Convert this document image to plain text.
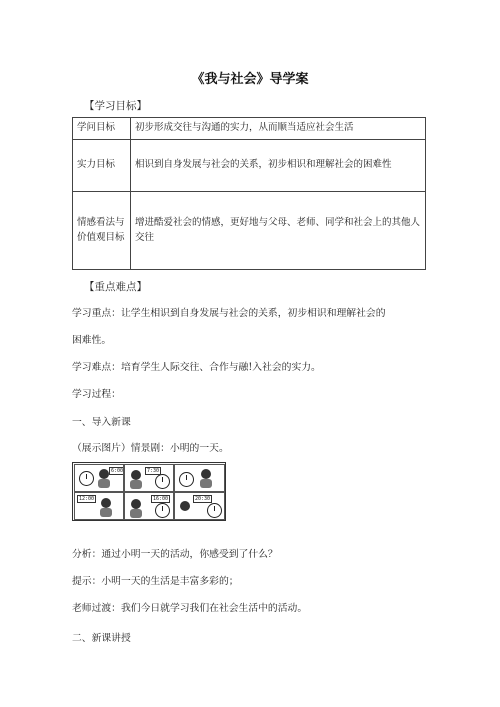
《我与社会》导学案
【学习目标】
学问目标	初步形成交往与沟通的实力，从而顺当适应社会生活
实力目标	相识到自身发展与社会的关系，初步相识和理解社会的困难性
情感看法与价值观目标	增进酷爱社会的情感，更好地与父母、老师、同学和社会上的其他人交往
【重点难点】
学习重点：让学生相识到自身发展与社会的关系，初步相识和理解社会的
困难性。
学习难点：培育学生人际交往、合作与融!入社会的实力。
学习过程：
一、导入新课
（展示图片）情景剧：小明的一天。
6:00	7:30
12:00	16:00	20:30
分析：通过小明一天的活动，你感受到了什么？
提示：小明一天的生活是丰富多彩的；
老师过渡：我们今日就学习我们在社会生活中的活动。
二、新课讲授
